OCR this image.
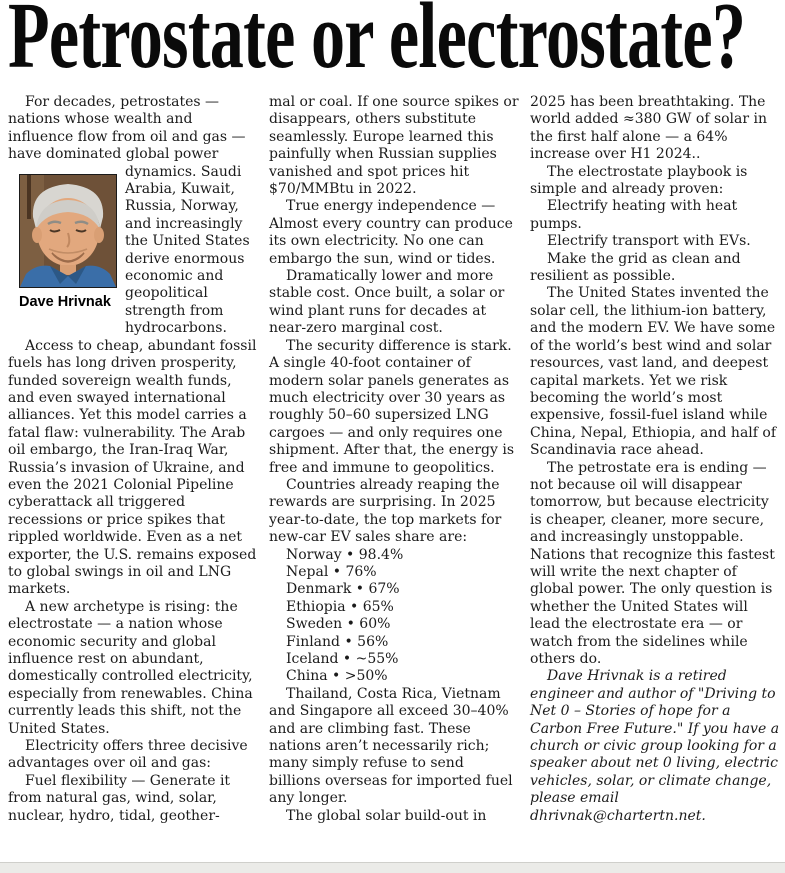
Petrostate or electrostate?

For decades, petrostates — nations whose wealth and influence flow from oil and gas — have dominated global power

Dave Hrivnak

dynamics. Saudi Arabia, Kuwait, Russia, Norway, and increasingly the United States derive enormous economic and geopolitical strength from hydrocarbons.

Access to cheap, abundant fossil fuels has long driven prosperity, funded sovereign wealth funds, and even swayed international alliances. Yet this model carries a fatal flaw: vulnerability. The Arab oil embargo, the Iran-Iraq War, Russia’s invasion of Ukraine, and even the 2021 Colonial Pipeline cyberattack all triggered recessions or price spikes that rippled worldwide. Even as a net exporter, the U.S. remains exposed to global swings in oil and LNG markets.

A new archetype is rising: the electrostate — a nation whose economic security and global influence rest on abundant, domestically controlled electricity, especially from renewables. China currently leads this shift, not the United States.

Electricity offers three decisive advantages over oil and gas:

Fuel flexibility — Generate it from natural gas, wind, solar, nuclear, hydro, tidal, geother-

mal or coal. If one source spikes or disappears, others substitute seamlessly. Europe learned this painfully when Russian supplies vanished and spot prices hit $70/MMBtu in 2022.

True energy independence — Almost every country can produce its own electricity. No one can embargo the sun, wind or tides.

Dramatically lower and more stable cost. Once built, a solar or wind plant runs for decades at near-zero marginal cost.

The security difference is stark. A single 40-foot container of modern solar panels generates as much electricity over 30 years as roughly 50–60 supersized LNG cargoes — and only requires one shipment. After that, the energy is free and immune to geopolitics.

Countries already reaping the rewards are surprising. In 2025 year-to-date, the top markets for new-car EV sales share are:

Norway • 98.4%
Nepal • 76%
Denmark • 67%
Ethiopia • 65%
Sweden • 60%
Finland • 56%
Iceland • ~55%
China • >50%

Thailand, Costa Rica, Vietnam and Singapore all exceed 30–40% and are climbing fast. These nations aren’t necessarily rich; many simply refuse to send billions overseas for imported fuel any longer.

The global solar build-out in

2025 has been breathtaking. The world added ≈380 GW of solar in the first half alone — a 64% increase over H1 2024..

The electrostate playbook is simple and already proven:

Electrify heating with heat pumps.

Electrify transport with EVs.

Make the grid as clean and resilient as possible.

The United States invented the solar cell, the lithium-ion battery, and the modern EV. We have some of the world’s best wind and solar resources, vast land, and deepest capital markets. Yet we risk becoming the world’s most expensive, fossil-fuel island while China, Nepal, Ethiopia, and half of Scandinavia race ahead.

The petrostate era is ending — not because oil will disappear tomorrow, but because electricity is cheaper, cleaner, more secure, and increasingly unstoppable. Nations that recognize this fastest will write the next chapter of global power. The only question is whether the United States will lead the electrostate era — or watch from the sidelines while others do.

Dave Hrivnak is a retired engineer and author of "Driving to Net 0 – Stories of hope for a Carbon Free Future." If you have a church or civic group looking for a speaker about net 0 living, electric vehicles, solar, or climate change, please email dhrivnak@chartertn.net.
